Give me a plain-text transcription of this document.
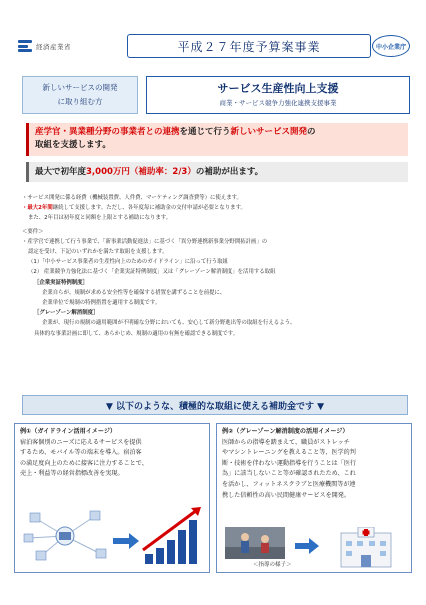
経済産業省	平成２７年度予算案事業	中小企業庁
新しいサービスの開発
に取り組む方
サービス生産性向上支援
商業・サービス競争力強化連携支援事業
産学官・異業種分野の事業者との連携を通じて行う新しいサービス開発の
取組を支援します。
最大で初年度3,000万円（補助率：2/3）の補助が出ます。

・サービス開発に係る経費（機械装置費、人件費、マーケティング調査費等）に使えます。

・最大2年間継続して支援します。ただし、各年度毎に補助金の交付申請が必要となります。

また、2年目は初年度と同額を上限とする補助になります。

＜要件＞

・産学官で連携して行う事業で、「新事業活動促進法」に基づく「異分野連携新事業分野開拓計画」の

認定を受け、下記のいずれかを満たす取組を支援します。

（1）「中小サービス事業者の生産性向上のためのガイドライン」に沿って行う取組

（2） 産業競争力強化法に基づく「企業実証特例制度」又は「グレーゾーン解消制度」を活用する取組

［企業実証特例制度］

企業自らが、規制が求める安全性等を確保する措置を講ずることを前提に、

企業単位で規制の特例措置を適用する制度です。

［グレーゾーン解消制度］

企業が、現行の規制の適用範囲が不明確な分野においても、安心して新分野進出等の取組を行えるよう、

具体的な事業計画に即して、あらかじめ、規制の適用の有無を確認できる制度です。

▼ 以下のような、積極的な取組に使える補助金です ▼

例①（ガイドライン活用イメージ）

宿泊客個別のニーズに応えるサービスを提供

するため、モバイル等の端末を導入。宿泊客

の満足度向上のために接客に注力することで、

売上・利益等の経営指標改善を実現。

例②（グレーゾーン解消制度の活用イメージ）

医師からの指導を踏まえて、職員がストレッチ

やマシントレーニングを教えること等、医学的判

断・技術を伴わない運動指導を行うことは「医行

為」に該当しないこと等が確認されたため、これ

を活かし、フィットネスクラブと医療機関等が連

携した信頼性の高い民間健康サービスを開発。

＜指導の様子＞
